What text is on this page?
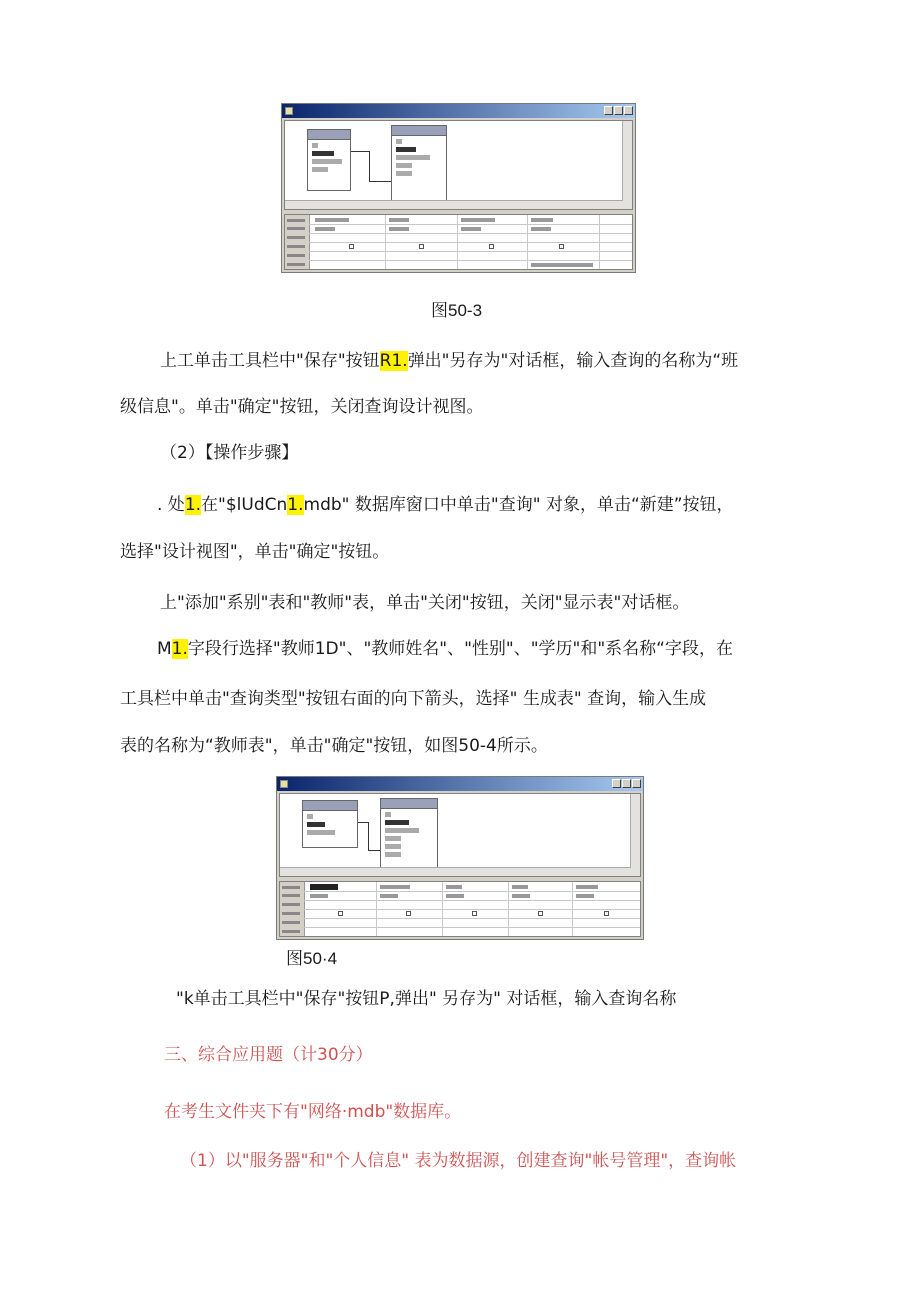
图50-3
上工单击工具栏中"保存"按钮R1.弹出"另存为"对话框，输入查询的名称为“班
级信息"。单击"确定"按钮，关闭查询设计视图。
（2）【操作步骤】
. 处1.在"$lUdCn1.mdb" 数据库窗口中单击"查询" 对象，单击“新建”按钮，
选择"设计视图"，单击"确定"按钮。
上"添加"系别"表和"教师"表，单击"关闭"按钮，关闭"显示表"对话框。
M1.字段行选择"教师1D"、"教师姓名"、"性别"、"学历"和"系名称“字段，在
工具栏中单击"查询类型"按钮右面的向下箭头，选择" 生成表" 查询，输入生成
表的名称为“教师表"，单击"确定"按钮，如图50-4所示。
图50·4
"k单击工具栏中"保存"按钮P,弹出" 另存为" 对话框，输入查询名称
三、综合应用题（计30分）
在考生文件夹下有"网络·mdb"数据库。
（1）以"服务器"和"个人信息" 表为数据源，创建查询"帐号管理"，查询帐
